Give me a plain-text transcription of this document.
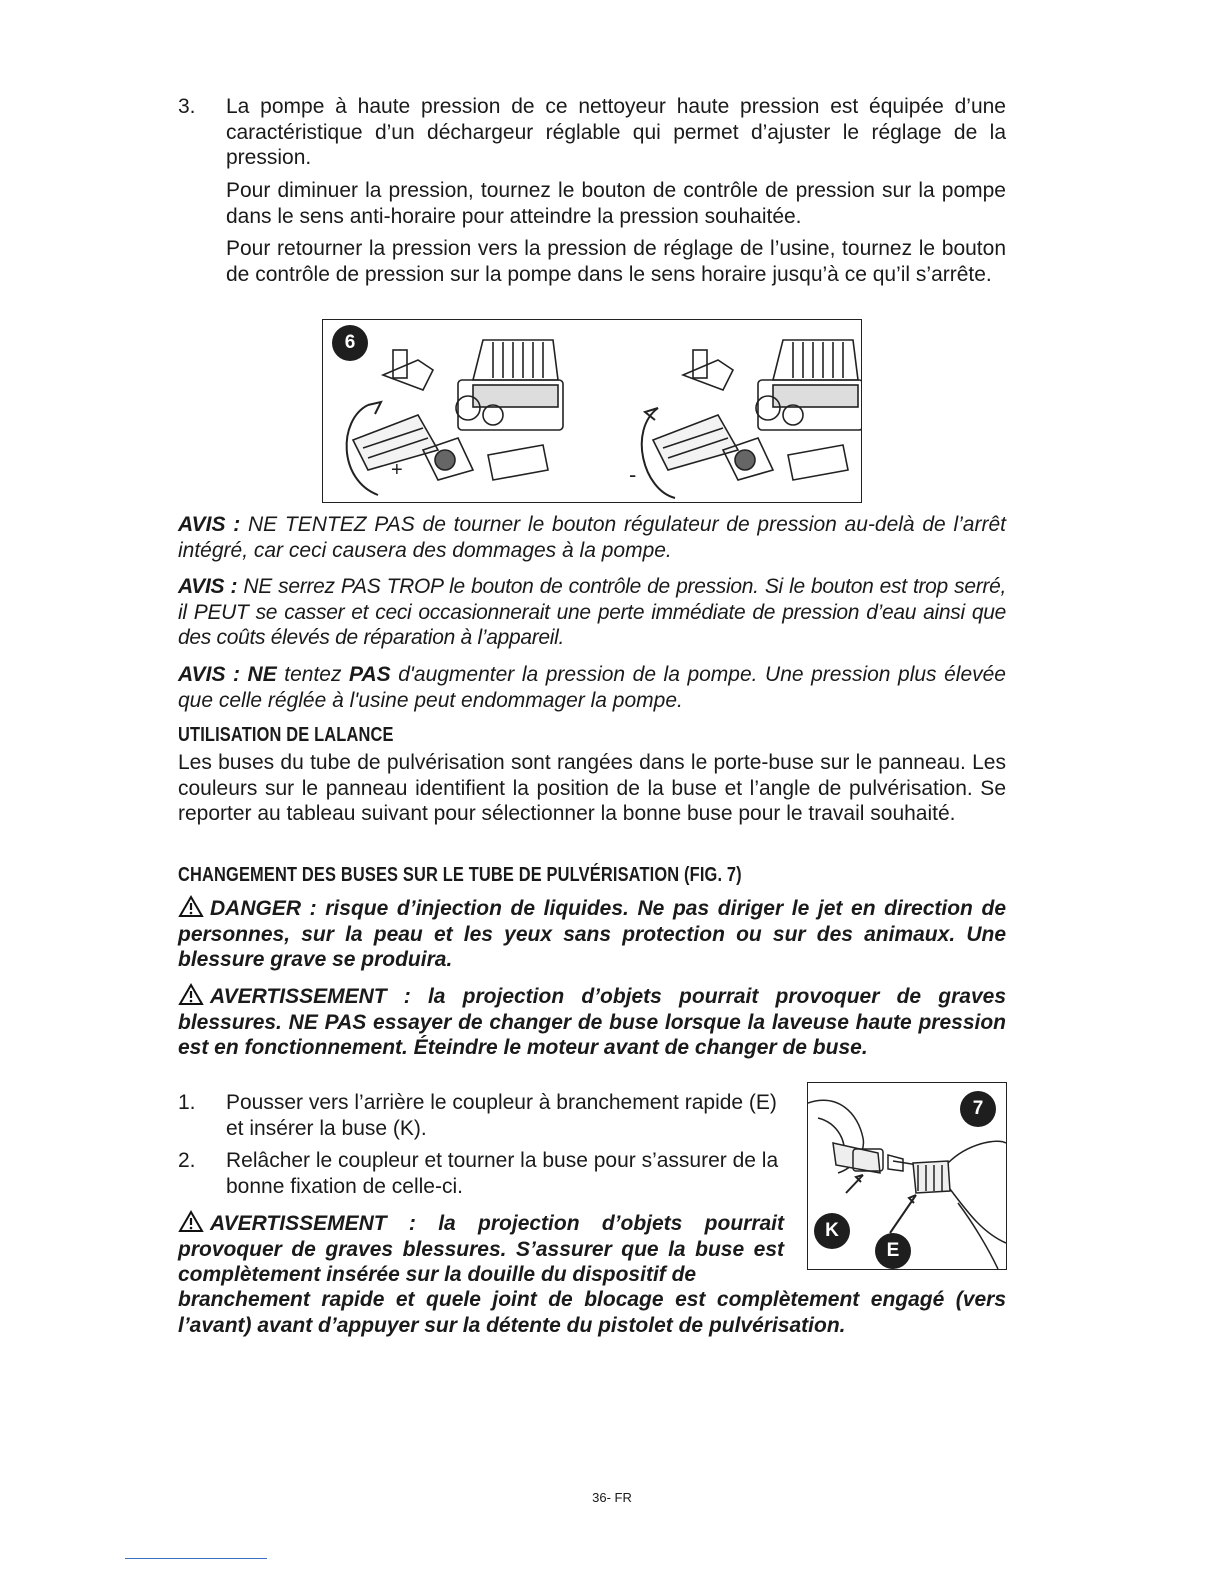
3. La pompe à haute pression de ce nettoyeur haute pression est équipée d’une caractéristique d’un déchargeur réglable qui permet d’ajuster le réglage de la pression.

Pour diminuer la pression, tournez le bouton de contrôle de pression sur la pompe dans le sens anti-horaire pour atteindre la pression souhaitée.

Pour retourner la pression vers la pression de réglage de l’usine, tournez le bouton de contrôle de pression sur la pompe dans le sens horaire jusqu’à ce qu’il s’arrête.

6
+	-

AVIS : NE TENTEZ PAS de tourner le bouton régulateur de pression au-delà de l’arrêt intégré, car ceci causera des dommages à la pompe.

AVIS : NE serrez PAS TROP le bouton de contrôle de pression. Si le bouton est trop serré, il PEUT se casser et ceci occasionnerait une perte immédiate de pression d’eau ainsi que des coûts élevés de réparation à l’appareil.

AVIS : NE tentez PAS d'augmenter la pression de la pompe. Une pression plus élevée que celle réglée à l'usine peut endommager la pompe.

UTILISATION DE LALANCE

Les buses du tube de pulvérisation sont rangées dans le porte-buse sur le panneau. Les couleurs sur le panneau identifient la position de la buse et l’angle de pulvérisation. Se reporter au tableau suivant pour sélectionner la bonne buse pour le travail souhaité.

CHANGEMENT DES BUSES SUR LE TUBE DE PULVÉRISATION (FIG. 7)

DANGER : risque d’injection de liquides. Ne pas diriger le jet en direction de personnes, sur la peau et les yeux sans protection ou sur des animaux. Une blessure grave se produira.

AVERTISSEMENT : la projection d’objets pourrait provoquer de graves blessures. NE PAS essayer de changer de buse lorsque la laveuse haute pression est en fonctionnement. Éteindre le moteur avant de changer de buse.

1. Pousser vers l’arrière le coupleur à branchement rapide (E) et insérer la buse (K).

2. Relâcher le coupleur et tourner la buse pour s’assurer de la bonne fixation de celle-ci.

AVERTISSEMENT : la projection d’objets pourrait provoquer de graves blessures. S’assurer que la buse est complètement insérée sur la douille du dispositif de

branchement rapide et quele joint de blocage est complètement engagé (vers l’avant) avant d’appuyer sur la détente du pistolet de pulvérisation.

7
K
E
36- FR
